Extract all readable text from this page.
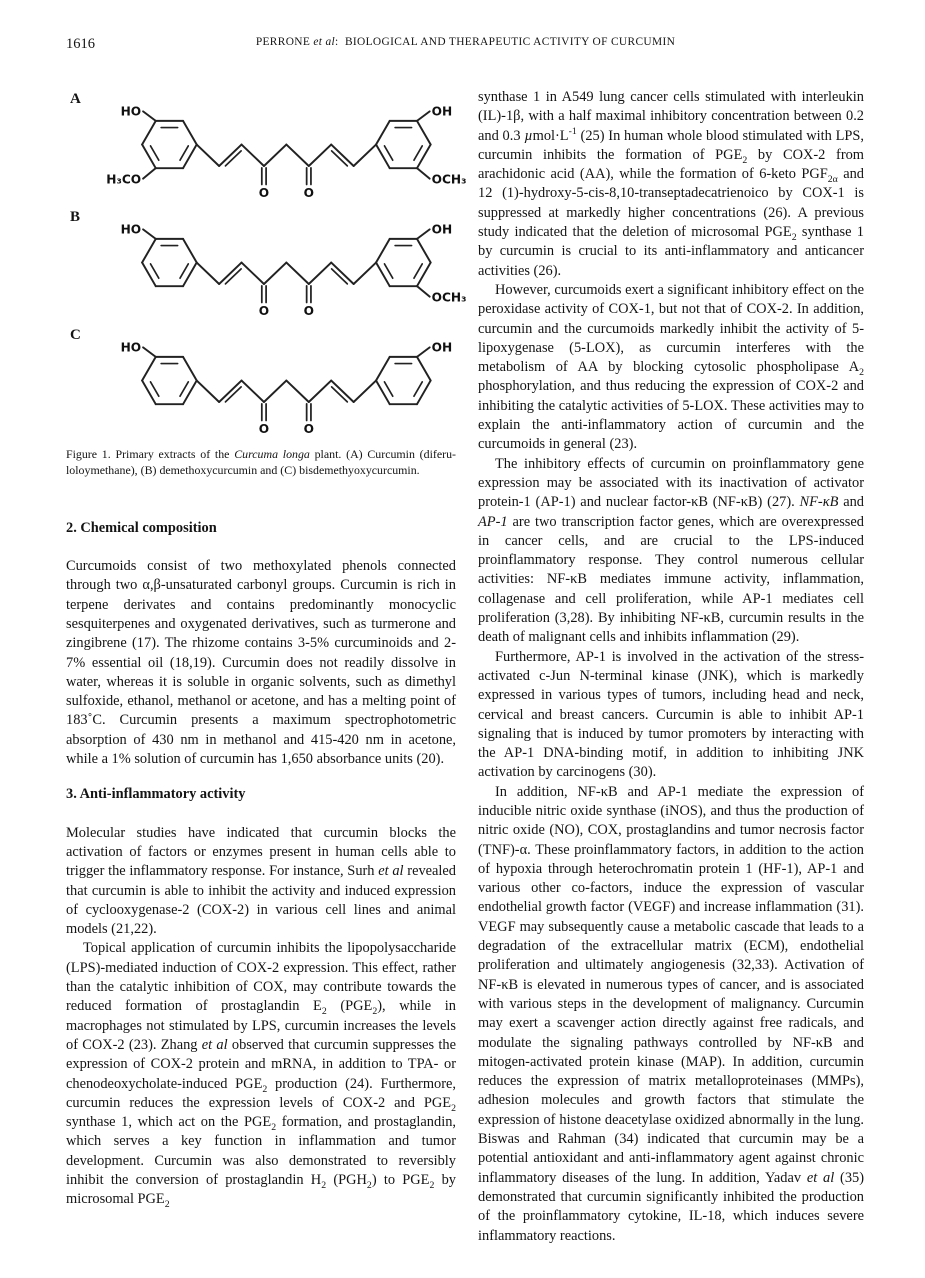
1616	PERRONE et al:  BIOLOGICAL AND THERAPEUTIC ACTIVITY OF CURCUMIN
A
O	O
HO
H₃CO
OH
OCH₃
B
O	O
HO	OH
OCH₃
C
O	O
HO	OH
Figure 1. Primary extracts of the Curcuma longa plant. (A) Curcumin (diferu-loloymethane), (B) demethoxycurcumin and (C) bisdemethyoxycurcumin.
2. Chemical composition

Curcumoids consist of two methoxylated phenols connected through two α,β-unsaturated carbonyl groups. Curcumin is rich in terpene derivates and contains predominantly monocyclic sesquiterpenes and oxygenated derivatives, such as turmerone and zingibrene (17). The rhizome contains 3-5% curcuminoids and 2-7% essential oil (18,19). Curcumin does not readily dissolve in water, whereas it is soluble in organic solvents, such as dimethyl sulfoxide, ethanol, methanol or acetone, and has a melting point of 183˚C. Curcumin presents a maximum spectrophotometric absorption of 430 nm in methanol and 415-420 nm in acetone, while a 1% solution of curcumin has 1,650 absorbance units (20).

3. Anti-inflammatory activity

Molecular studies have indicated that curcumin blocks the activation of factors or enzymes present in human cells able to trigger the inflammatory response. For instance, Surh et al revealed that curcumin is able to inhibit the activity and induced expression of cyclooxygenase-2 (COX-2) in various cell lines and animal models (21,22).

Topical application of curcumin inhibits the lipopolysaccharide (LPS)-mediated induction of COX-2 expression. This effect, rather than the catalytic inhibition of COX, may contribute towards the reduced formation of prostaglandin $E_2$ $(PGE_2)$, while in macrophages not stimulated by LPS, curcumin increases the levels of COX-2 (23). Zhang et al observed that curcumin suppresses the expression of COX-2 protein and mRNA, in addition to TPA- or chenodeoxycholate-induced $PGE_2$ production (24). Furthermore, curcumin reduces the expression levels of COX-2 and $PGE_2$ synthase 1, which act on the $PGE_2$ formation, and prostaglandin, which serves a key function in inflammation and tumor development. Curcumin was also demonstrated to reversibly inhibit the conversion of prostaglandin $H_2$ $(PGH_2)$ to $PGE_2$ by microsomal $PGE_2$

synthase 1 in A549 lung cancer cells stimulated with interleukin (IL)-1β, with a half maximal inhibitory concentration between 0.2 and 0.3 $\mu mol\cdot L^{-1}$ (25) In human whole blood stimulated with LPS, curcumin inhibits the formation of $PGE_2$ by COX-2 from arachidonic acid (AA), while the formation of 6-keto $PGF_{2\alpha}$ and 12 (1)-hydroxy-5-cis-8,10-transeptadecatrienoico by COX-1 is suppressed at markedly higher concentrations (26). A previous study indicated that the deletion of microsomal $PGE_2$ synthase 1 by curcumin is crucial to its anti-inflammatory and anticancer activities (26).

However, curcumoids exert a significant inhibitory effect on the peroxidase activity of COX-1, but not that of COX-2. In addition, curcumin and the curcumoids markedly inhibit the activity of 5-lipoxygenase (5-LOX), as curcumin interferes with the metabolism of AA by blocking cytosolic phospholipase $A_2$ phosphorylation, and thus reducing the expression of COX-2 and inhibiting the catalytic activities of 5-LOX. These activities may to explain the anti-inflammatory action of curcumin and the curcumoids in general (23).

The inhibitory effects of curcumin on proinflammatory gene expression may be associated with its inactivation of activator protein-1 (AP-1) and nuclear factor-κB (NF-κB) (27). NF-κB and AP-1 are two transcription factor genes, which are overexpressed in cancer cells, and are crucial to the LPS-induced proinflammatory response. They control numerous cellular activities: NF-κB mediates immune activity, inflammation, collagenase and cell proliferation, while AP-1 mediates cell proliferation (3,28). By inhibiting NF-κB, curcumin results in the death of malignant cells and inhibits inflammation (29).

Furthermore, AP-1 is involved in the activation of the stress-activated c-Jun N-terminal kinase (JNK), which is markedly expressed in various types of tumors, including head and neck, cervical and breast cancers. Curcumin is able to inhibit AP-1 signaling that is induced by tumor promoters by interacting with the AP-1 DNA-binding motif, in addition to inhibiting JNK activation by carcinogens (30).

In addition, NF-κB and AP-1 mediate the expression of inducible nitric oxide synthase (iNOS), and thus the production of nitric oxide (NO), COX, prostaglandins and tumor necrosis factor (TNF)-α. These proinflammatory factors, in addition to the action of hypoxia through heterochromatin protein 1 (HF-1), AP-1 and various other co-factors, induce the expression of vascular endothelial growth factor (VEGF) and increase inflammation (31). VEGF may subsequently cause a metabolic cascade that leads to a degradation of the extracellular matrix (ECM), endothelial proliferation and ultimately angiogenesis (32,33). Activation of NF-κB is elevated in numerous types of cancer, and is associated with various steps in the development of malignancy. Curcumin may exert a scavenger action directly against free radicals, and modulate the signaling pathways controlled by NF-κB and mitogen-activated protein kinase (MAP). In addition, curcumin reduces the expression of matrix metalloproteinases (MMPs), adhesion molecules and growth factors that stimulate the expression of histone deacetylase oxidized abnormally in the lung. Biswas and Rahman (34) indicated that curcumin may be a potential antioxidant and anti-inflammatory agent against chronic inflammatory diseases of the lung. In addition, Yadav et al (35) demonstrated that curcumin significantly inhibited the production of the proinflammatory cytokine, IL-18, which induces severe inflammatory reactions.
